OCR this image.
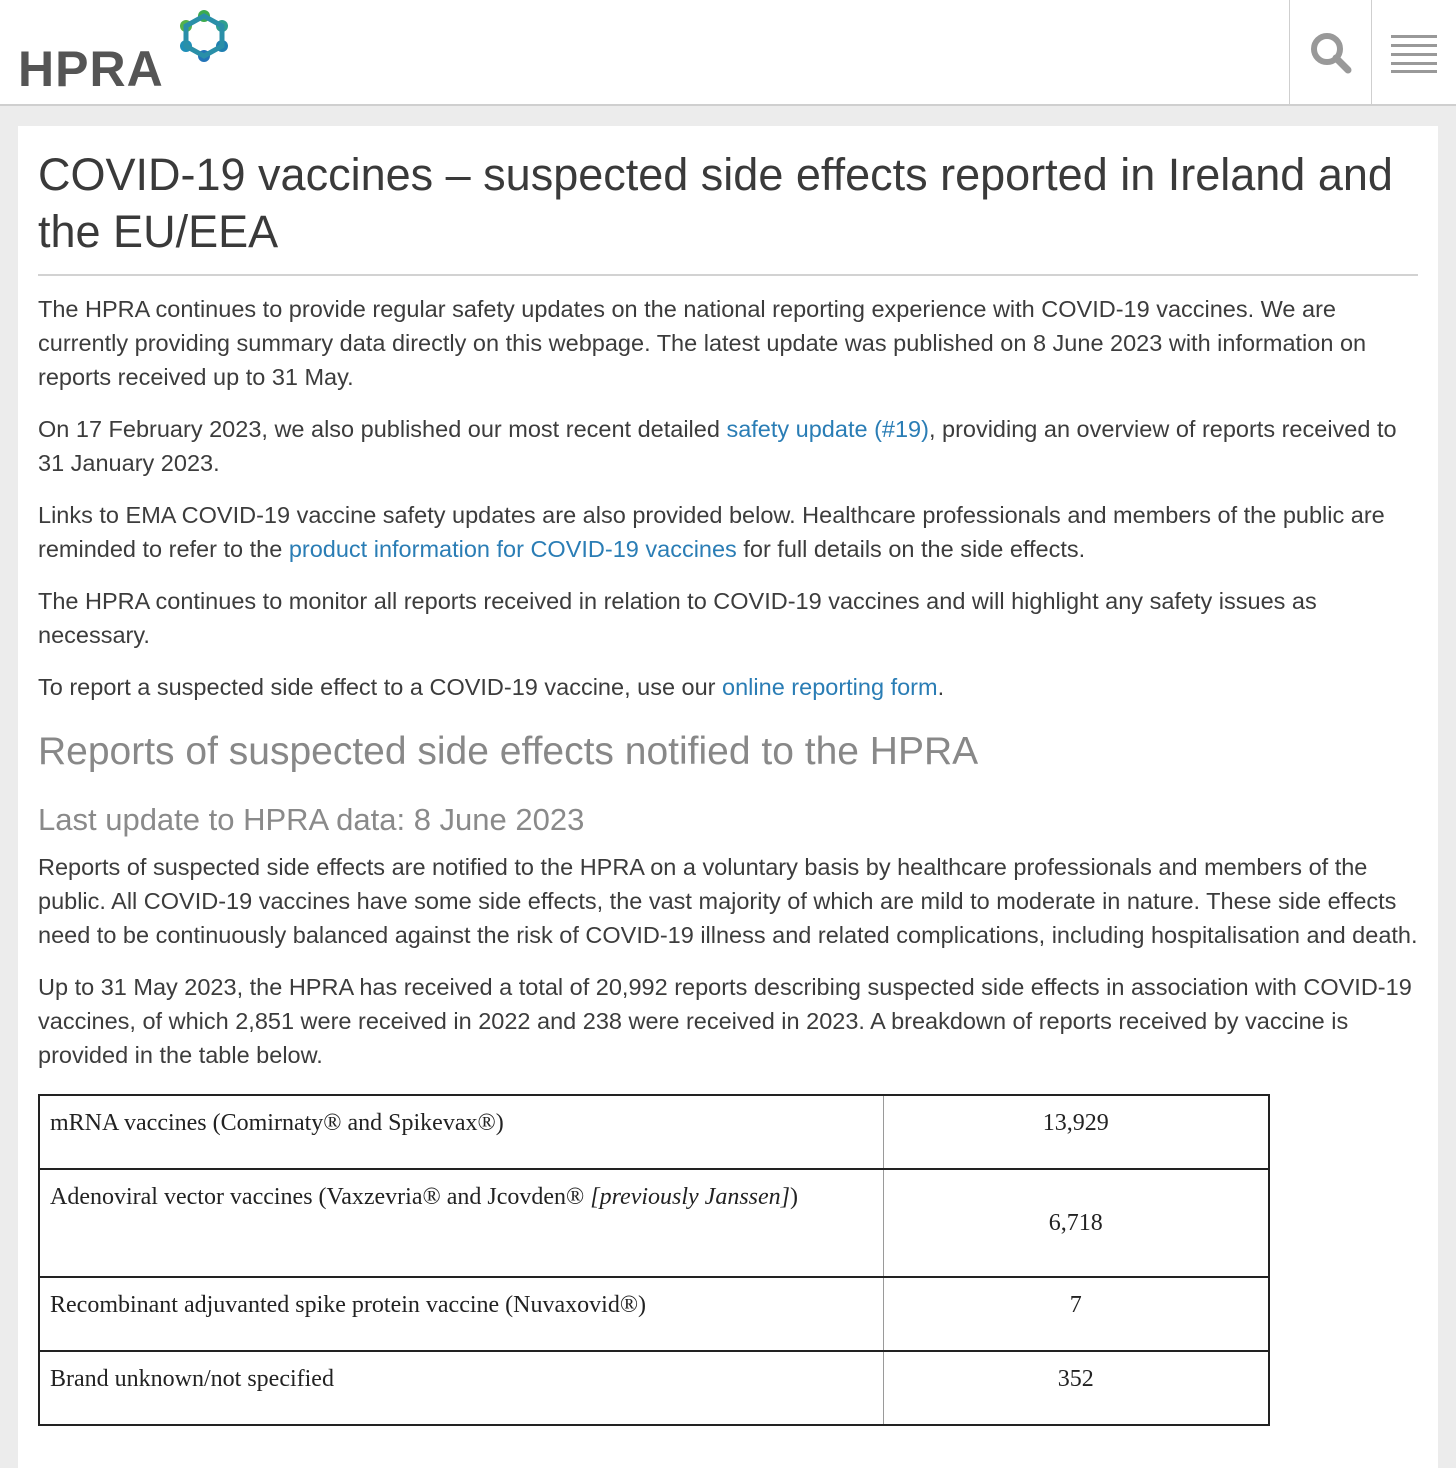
HPRA
COVID-19 vaccines – suspected side effects reported in Ireland and the EU/EEA

The HPRA continues to provide regular safety updates on the national reporting experience with COVID-19 vaccines. We are currently providing summary data directly on this webpage. The latest update was published on 8 June 2023 with information on reports received up to 31 May.

On 17 February 2023, we also published our most recent detailed safety update (#19), providing an overview of reports received to 31 January 2023.

Links to EMA COVID-19 vaccine safety updates are also provided below. Healthcare professionals and members of the public are reminded to refer to the product information for COVID-19 vaccines for full details on the side effects.

The HPRA continues to monitor all reports received in relation to COVID-19 vaccines and will highlight any safety issues as necessary.

To report a suspected side effect to a COVID-19 vaccine, use our online reporting form.

Reports of suspected side effects notified to the HPRA
Last update to HPRA data: 8 June 2023

Reports of suspected side effects are notified to the HPRA on a voluntary basis by healthcare professionals and members of the public. All COVID-19 vaccines have some side effects, the vast majority of which are mild to moderate in nature. These side effects need to be continuously balanced against the risk of COVID-19 illness and related complications, including hospitalisation and death.

Up to 31 May 2023, the HPRA has received a total of 20,992 reports describing suspected side effects in association with COVID-19 vaccines, of which 2,851 were received in 2022 and 238 were received in 2023. A breakdown of reports received by vaccine is provided in the table below.

mRNA vaccines (Comirnaty® and Spikevax®)	13,929
Adenoviral vector vaccines (Vaxzevria® and Jcovden® [previously Janssen])	6,718
Recombinant adjuvanted spike protein vaccine (Nuvaxovid®)	7
Brand unknown/not specified	352
